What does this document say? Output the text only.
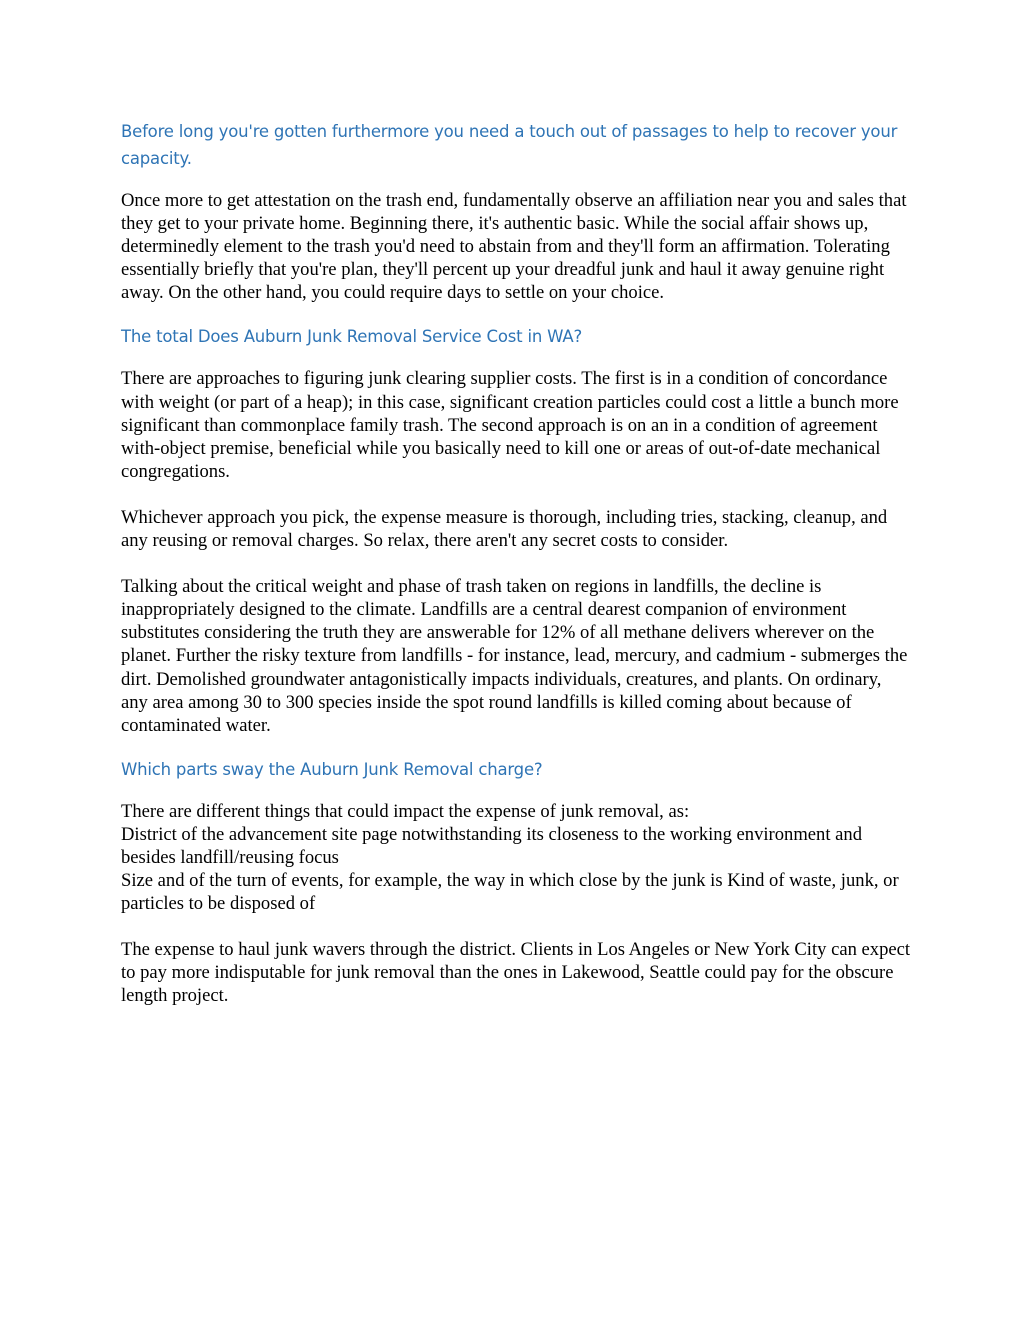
Before long you're gotten furthermore you need a touch out of passages to help to recover your capacity.

Once more to get attestation on the trash end, fundamentally observe an affiliation near you and sales that they get to your private home. Beginning there, it's authentic basic. While the social affair shows up, determinedly element to the trash you'd need to abstain from and they'll form an affirmation. Tolerating essentially briefly that you're plan, they'll percent up your dreadful junk and haul it away genuine right away. On the other hand, you could require days to settle on your choice.

The total Does Auburn Junk Removal Service Cost in WA?

There are approaches to figuring junk clearing supplier costs. The first is in a condition of concordance with weight (or part of a heap); in this case, significant creation particles could cost a little a bunch more significant than commonplace family trash. The second approach is on an in a condition of agreement with-object premise, beneficial while you basically need to kill one or areas of out-of-date mechanical congregations.

Whichever approach you pick, the expense measure is thorough, including tries, stacking, cleanup, and any reusing or removal charges. So relax, there aren't any secret costs to consider.

Talking about the critical weight and phase of trash taken on regions in landfills, the decline is inappropriately designed to the climate. Landfills are a central dearest companion of environment substitutes considering the truth they are answerable for 12% of all methane delivers wherever on the planet. Further the risky texture from landfills - for instance, lead, mercury, and cadmium - submerges the dirt. Demolished groundwater antagonistically impacts individuals, creatures, and plants. On ordinary, any area among 30 to 300 species inside the spot round landfills is killed coming about because of contaminated water.

Which parts sway the Auburn Junk Removal charge?

There are different things that could impact the expense of junk removal, as:
District of the advancement site page notwithstanding its closeness to the working environment and besides landfill/reusing focus
Size and of the turn of events, for example, the way in which close by the junk is Kind of waste, junk, or particles to be disposed of

The expense to haul junk wavers through the district. Clients in Los Angeles or New York City can expect to pay more indisputable for junk removal than the ones in Lakewood, Seattle could pay for the obscure length project.
